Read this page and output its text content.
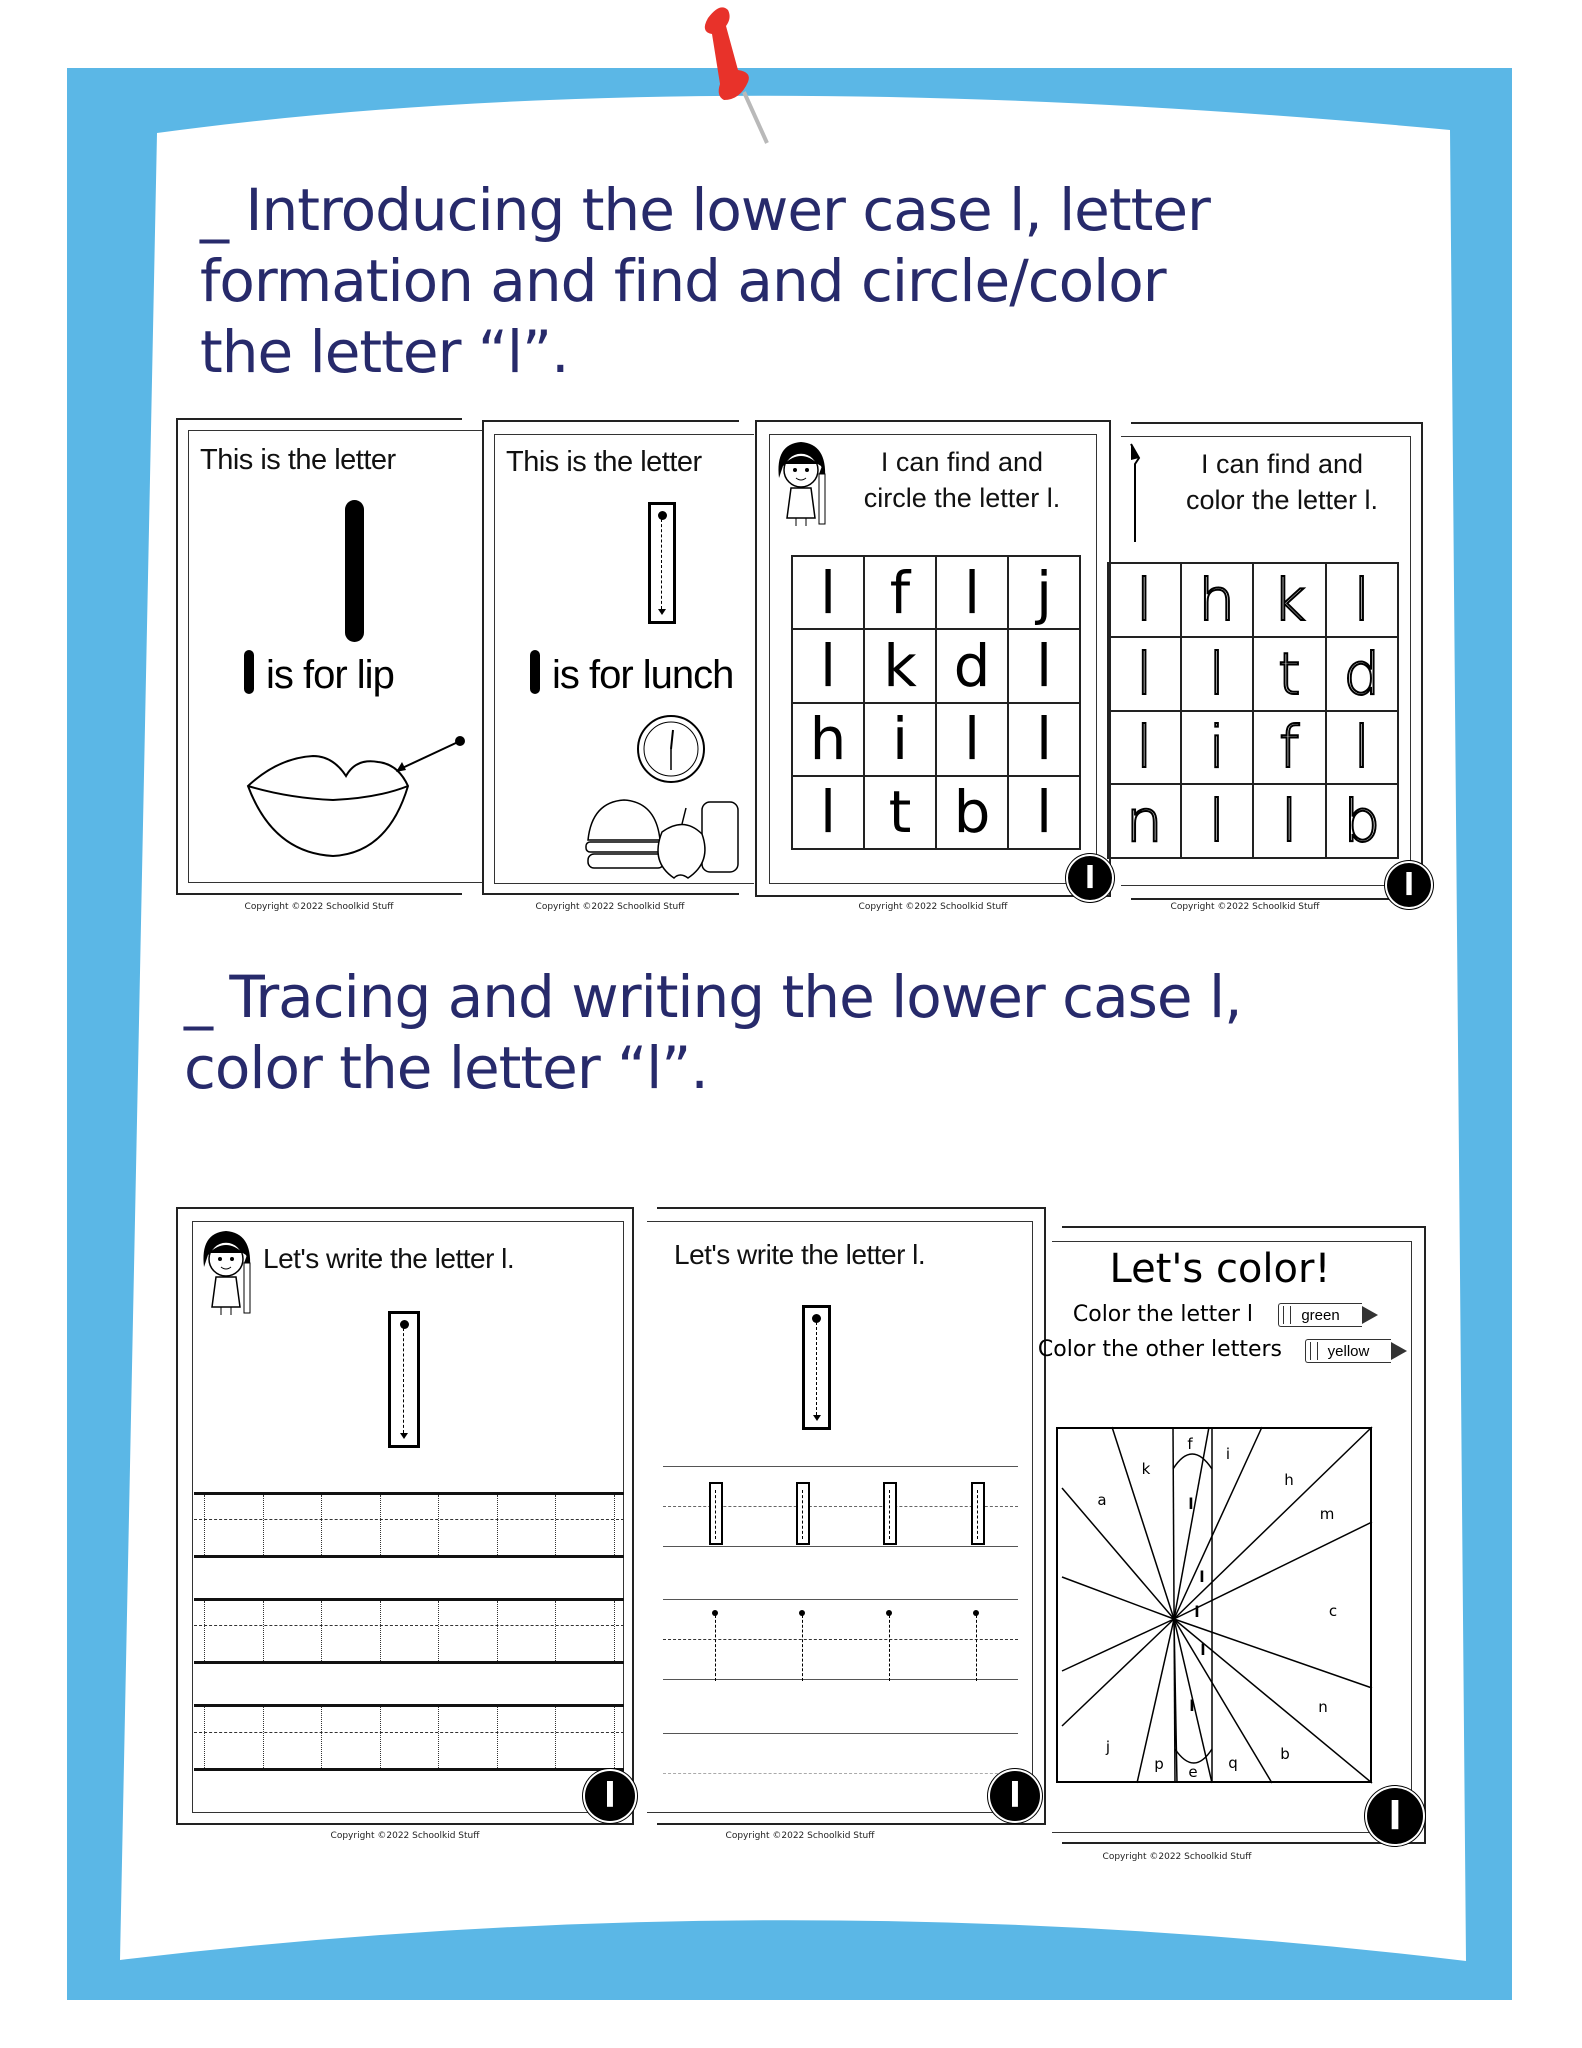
_ Introducing the lower case l, letter
formation and find and circle/color
the letter “l”.
_ Tracing and writing the lower case l,
color the letter “l”.
This is the letter
is for lip
Copyright ©2022 Schoolkid Stuff
This is the letter
is for lunch
Copyright ©2022 Schoolkid Stuff
I can find and
circle the letter l.
l f l j
l k d l
h i l l
l t b l
l
Copyright ©2022 Schoolkid Stuff
I can find and
color the letter l.
l h k l
l l t d
l i f l
n l l b
l
Copyright ©2022 Schoolkid Stuff
Let's write the letter l.
l
Copyright ©2022 Schoolkid Stuff
Let's write the letter l.
l
Copyright ©2022 Schoolkid Stuff
Let's color!
Color the letter l
Color the other letters
green
yellow
f
i
k
h
a	l
m
l
l	c
l
n
l
j	b
p	q
e
l
Copyright ©2022 Schoolkid Stuff
